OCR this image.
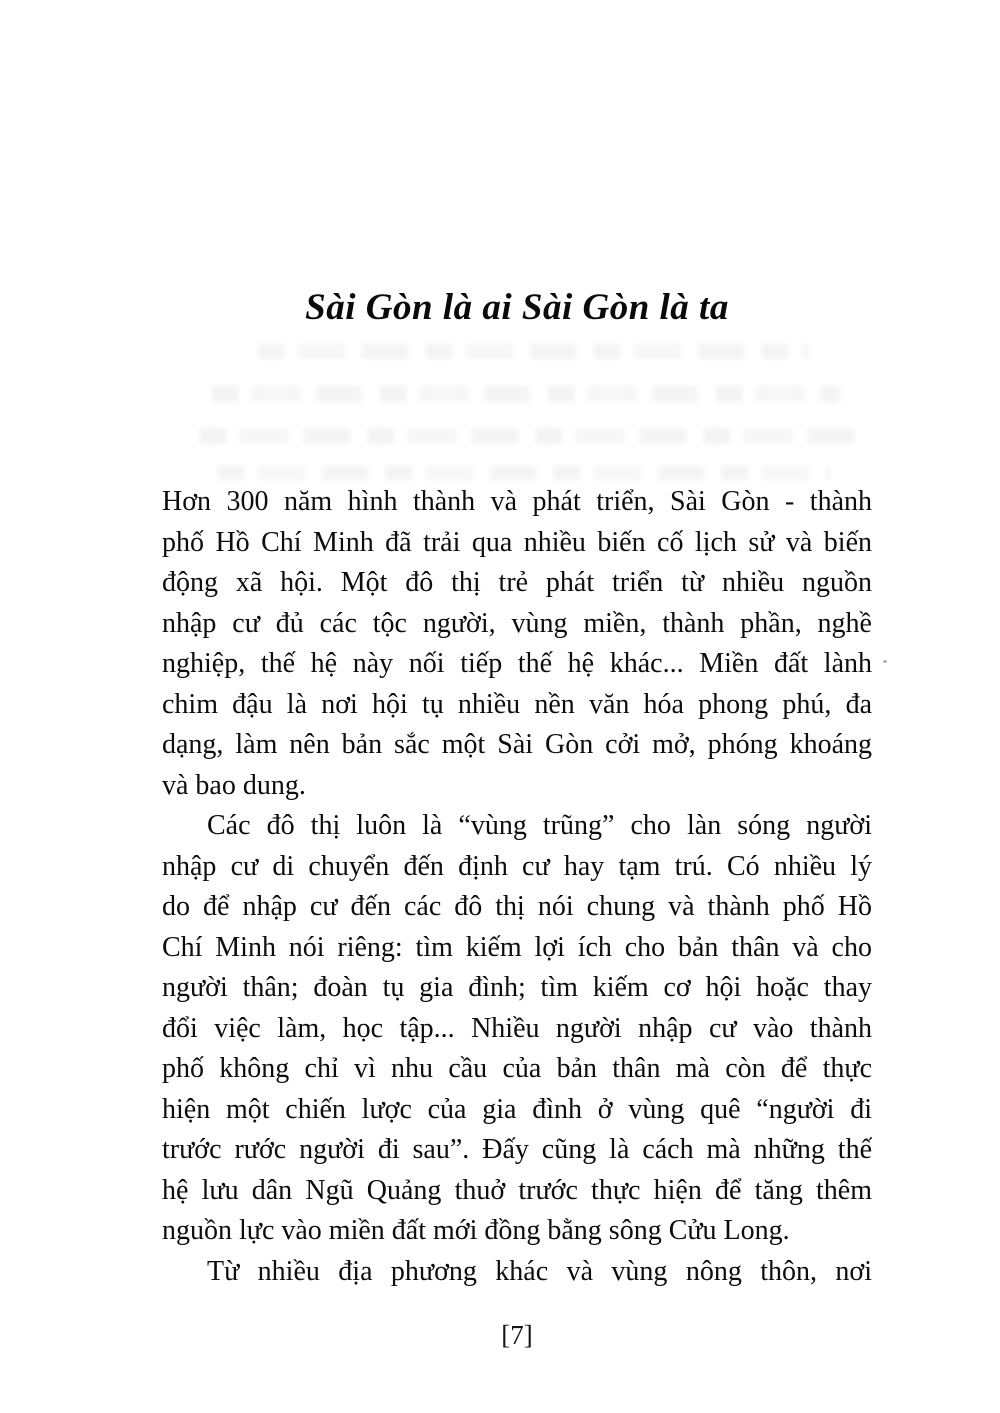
Sài Gòn là ai Sài Gòn là ta
Hơn 300 năm hình thành và phát triển, Sài Gòn - thành
phố Hồ Chí Minh đã trải qua nhiều biến cố lịch sử và biến
động xã hội. Một đô thị trẻ phát triển từ nhiều nguồn
nhập cư đủ các tộc người, vùng miền, thành phần, nghề
nghiệp, thế hệ này nối tiếp thế hệ khác... Miền đất lành
chim đậu là nơi hội tụ nhiều nền văn hóa phong phú, đa
dạng, làm nên bản sắc một Sài Gòn cởi mở, phóng khoáng
và bao dung.
Các đô thị luôn là “vùng trũng” cho làn sóng người
nhập cư di chuyển đến định cư hay tạm trú. Có nhiều lý
do để nhập cư đến các đô thị nói chung và thành phố Hồ
Chí Minh nói riêng: tìm kiếm lợi ích cho bản thân và cho
người thân; đoàn tụ gia đình; tìm kiếm cơ hội hoặc thay
đổi việc làm, học tập... Nhiều người nhập cư vào thành
phố không chỉ vì nhu cầu của bản thân mà còn để thực
hiện một chiến lược của gia đình ở vùng quê “người đi
trước rước người đi sau”. Đấy cũng là cách mà những thế
hệ lưu dân Ngũ Quảng thuở trước thực hiện để tăng thêm
nguồn lực vào miền đất mới đồng bằng sông Cửu Long.
Từ nhiều địa phương khác và vùng nông thôn, nơi
[7]
